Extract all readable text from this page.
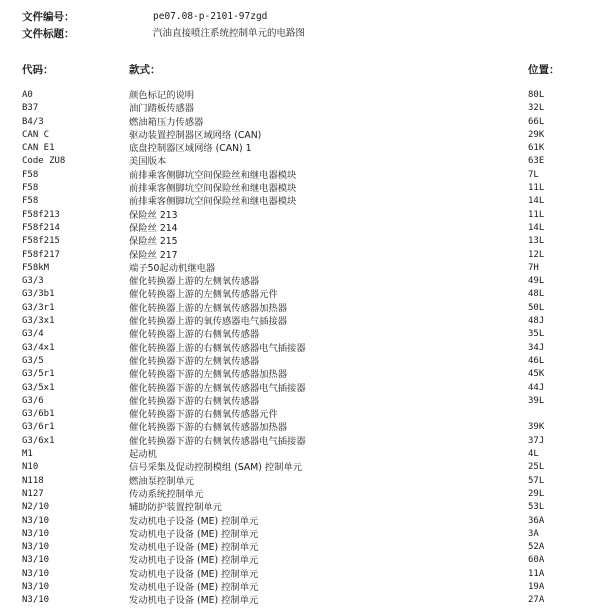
文件编号：	pe07.08-p-2101-97zgd
文件标题：	汽油直接喷注系统控制单元的电路图
代码：	款式：	位置：
A0	颜色标记的说明	80L
B37	油门踏板传感器	32L
B4/3	燃油箱压力传感器	66L
CAN C	驱动装置控制器区域网络 (CAN)	29K
CAN E1	底盘控制器区域网络 (CAN) 1	61K
Code ZU8	美国版本	63E
F58	前排乘客侧脚坑空间保险丝和继电器模块	7L
F58	前排乘客侧脚坑空间保险丝和继电器模块	11L
F58	前排乘客侧脚坑空间保险丝和继电器模块	14L
F58f213	保险丝 213	11L
F58f214	保险丝 214	14L
F58f215	保险丝 215	13L
F58f217	保险丝 217	12L
F58kM	端子50起动机继电器	7H
G3/3	催化转换器上游的左侧氧传感器	49L
G3/3b1	催化转换器上游的左侧氧传感器元件	48L
G3/3r1	催化转换器上游的左侧氧传感器加热器	50L
G3/3x1	催化转换器上游的氧传感器电气插接器	48J
G3/4	催化转换器上游的右侧氧传感器	35L
G3/4x1	催化转换器上游的右侧氧传感器电气插接器	34J
G3/5	催化转换器下游的左侧氧传感器	46L
G3/5r1	催化转换器下游的左侧氧传感器加热器	45K
G3/5x1	催化转换器下游的左侧氧传感器电气插接器	44J
G3/6	催化转换器下游的右侧氧传感器	39L
G3/6b1	催化转换器下游的右侧氧传感器元件
G3/6r1	催化转换器下游的右侧氧传感器加热器	39K
G3/6x1	催化转换器下游的右侧氧传感器电气插接器	37J
M1	起动机	4L
N10	信号采集及促动控制模组 (SAM) 控制单元	25L
N118	燃油泵控制单元	57L
N127	传动系统控制单元	29L
N2/10	辅助防护装置控制单元	53L
N3/10	发动机电子设备 (ME) 控制单元	36A
N3/10	发动机电子设备 (ME) 控制单元	3A
N3/10	发动机电子设备 (ME) 控制单元	52A
N3/10	发动机电子设备 (ME) 控制单元	60A
N3/10	发动机电子设备 (ME) 控制单元	11A
N3/10	发动机电子设备 (ME) 控制单元	19A
N3/10	发动机电子设备 (ME) 控制单元	27A
